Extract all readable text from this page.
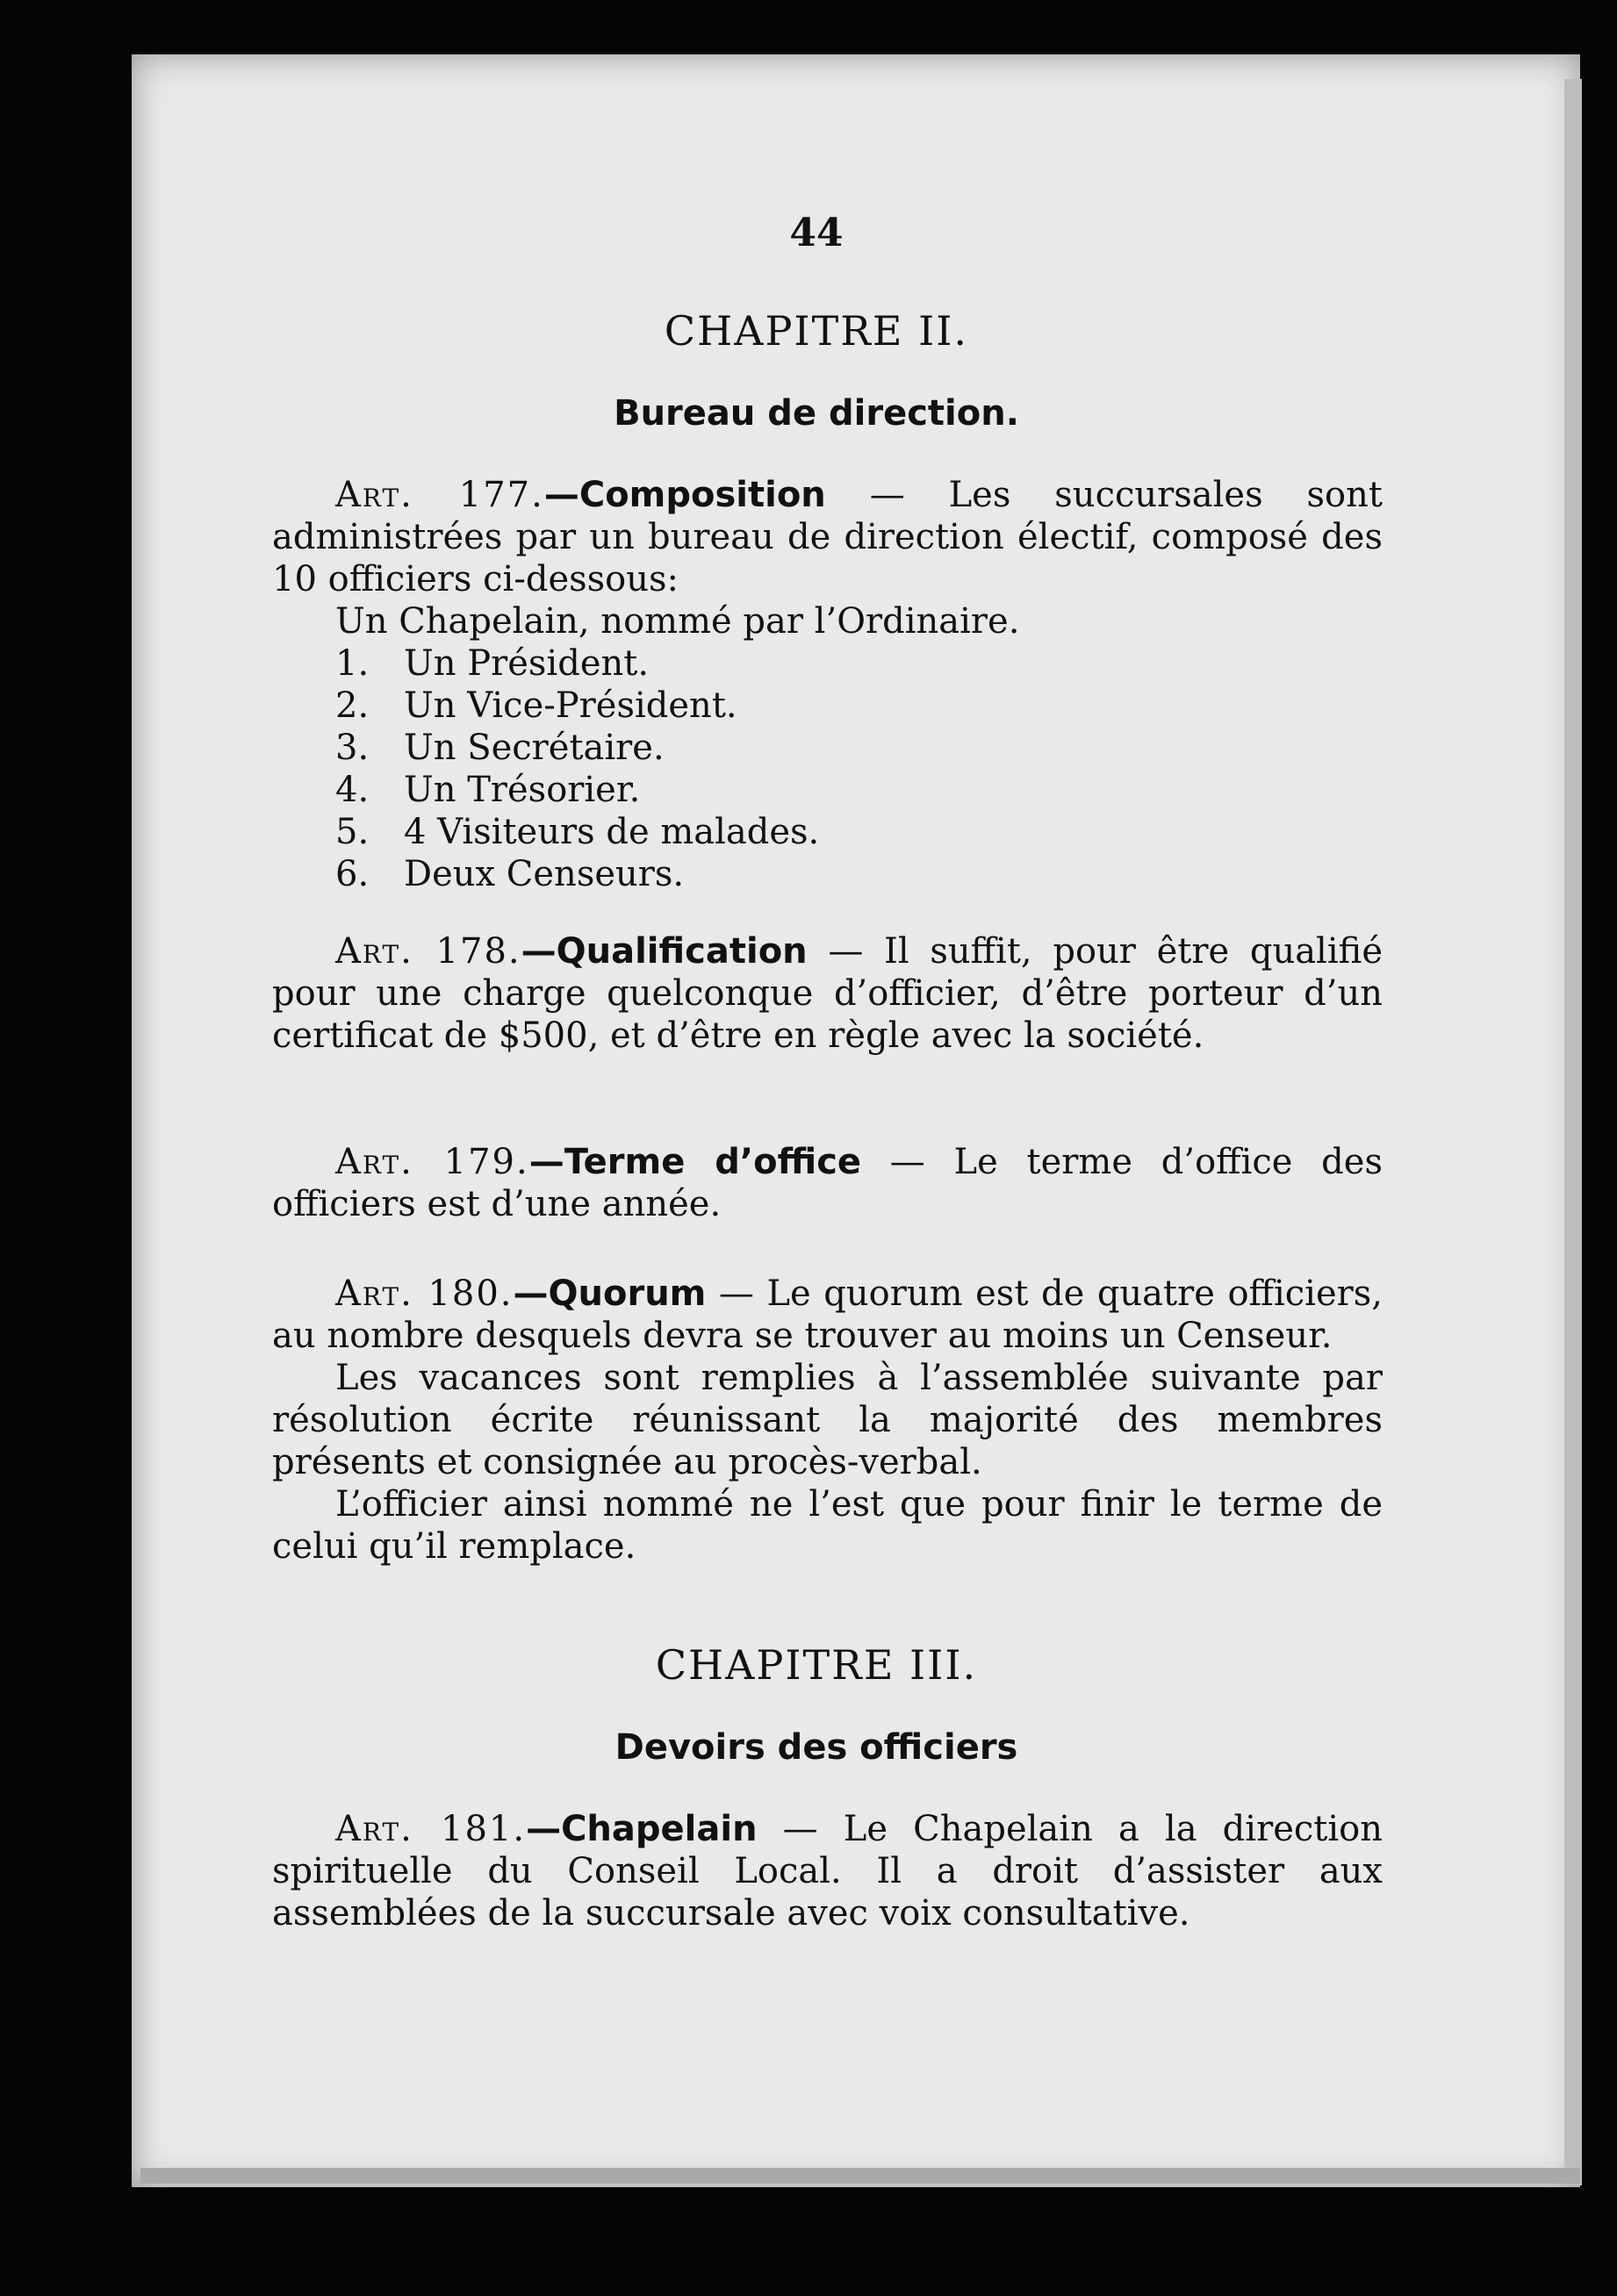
44
CHAPITRE II.
Bureau de direction.

Art. 177.—Composition — Les succursales sont administrées par un bureau de direction électif, composé des 10 officiers ci-dessous:

Un Chapelain, nommé par l’Ordinaire.
1. Un Président.
2. Un Vice-Président.
3. Un Secrétaire.
4. Un Trésorier.
5. 4 Visiteurs de malades.
6. Deux Censeurs.

Art. 178.—Qualification — Il suffit, pour être qualifié pour une charge quelconque d’officier, d’être porteur d’un certificat de $500, et d’être en règle avec la société.

Art. 179.—Terme d’office — Le terme d’office des officiers est d’une année.

Art. 180.—Quorum — Le quorum est de quatre officiers, au nombre desquels devra se trouver au moins un Censeur.

Les vacances sont remplies à l’assemblée suivante par résolution écrite réunissant la majorité des membres présents et consignée au procès-verbal.

L’officier ainsi nommé ne l’est que pour finir le terme de celui qu’il remplace.

CHAPITRE III.
Devoirs des officiers

Art. 181.—Chapelain — Le Chapelain a la direction spirituelle du Conseil Local. Il a droit d’assister aux assemblées de la succursale avec voix consultative.
